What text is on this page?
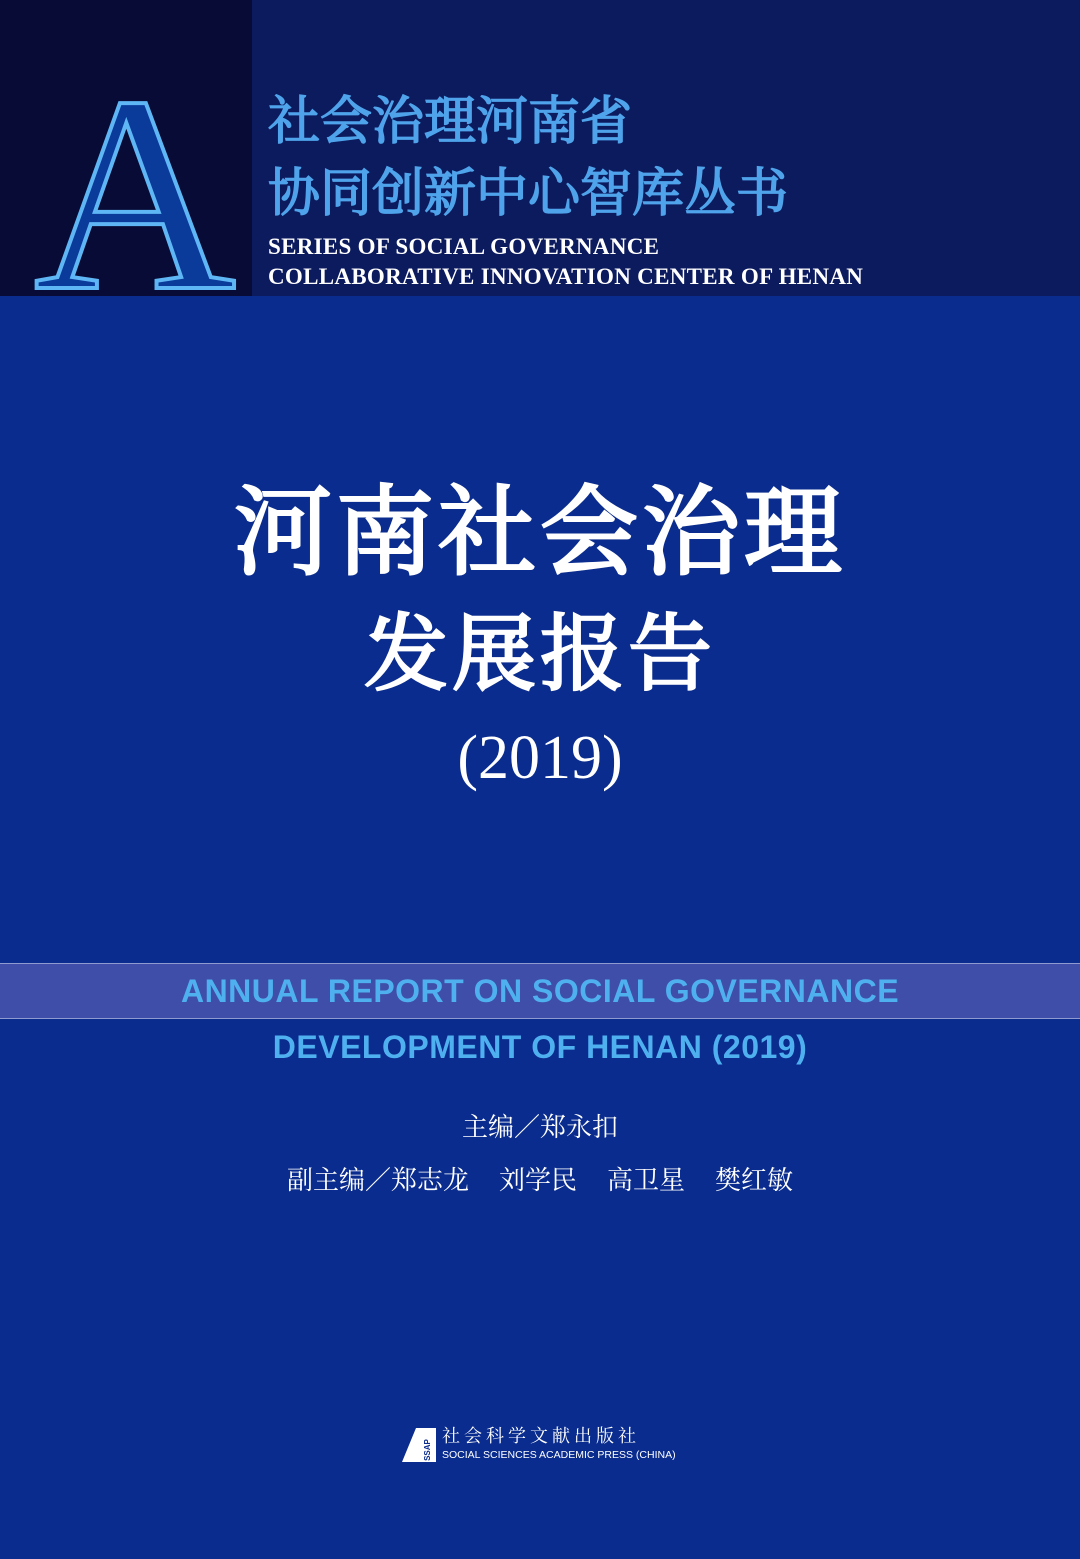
A 社会治理河南省
协同创新中心智库丛书
SERIES OF SOCIAL GOVERNANCE
COLLABORATIVE INNOVATION CENTER OF HENAN
河南社会治理
发展报告
(2019)
ANNUAL REPORT ON SOCIAL GOVERNANCE
DEVELOPMENT OF HENAN (2019)
主编／郑永扣
副主编／郑志龙 刘学民 高卫星 樊红敏
SSAP
社会科学文献出版社
SOCIAL SCIENCES ACADEMIC PRESS (CHINA)
